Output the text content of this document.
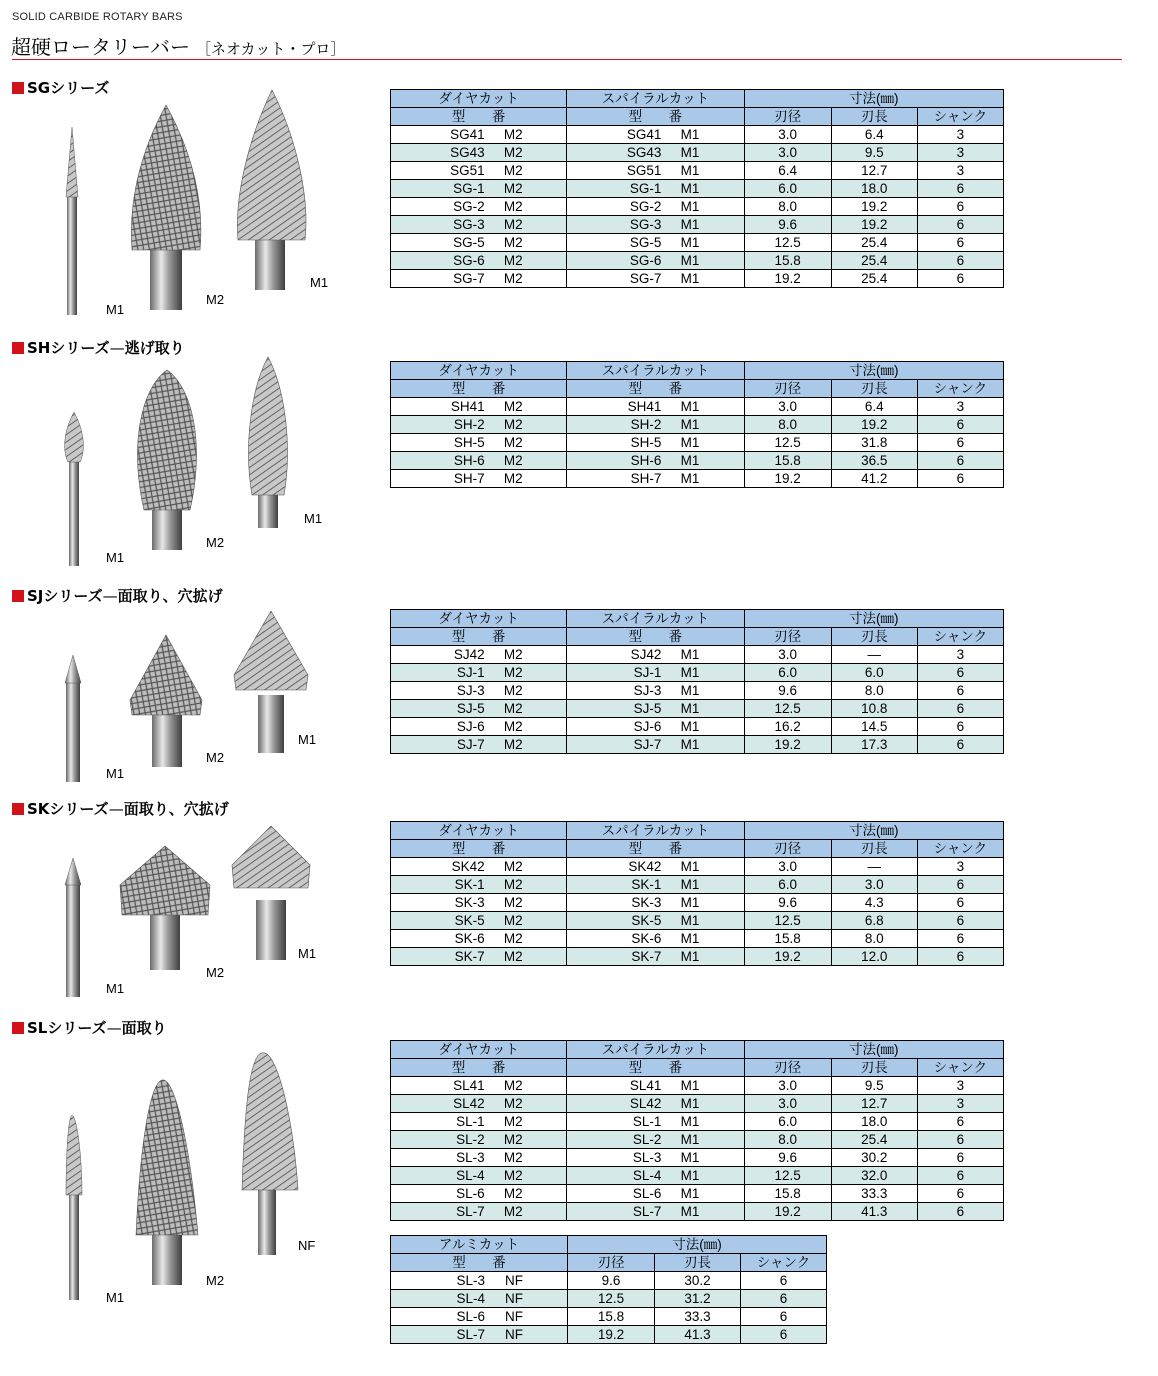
SOLID CARBIDE ROTARY BARS
超硬ロータリーバー ［ネオカット・プロ］
SGシリーズ
M1
M2
M1
ダイヤカット	スパイラルカット	寸法(㎜)		
型 番	型 番	刃径	刃長	シャンク
SG41 M2	SG41 M1	3.0	6.4	3
SG43 M2	SG43 M1	3.0	9.5	3
SG51 M2	SG51 M1	6.4	12.7	3
SG-1 M2	SG-1 M1	6.0	18.0	6
SG-2 M2	SG-2 M1	8.0	19.2	6
SG-3 M2	SG-3 M1	9.6	19.2	6
SG-5 M2	SG-5 M1	12.5	25.4	6
SG-6 M2	SG-6 M1	15.8	25.4	6
SG-7 M2	SG-7 M1	19.2	25.4	6
SHシリーズ—逃げ取り
M1
M2
M1
ダイヤカット	スパイラルカット	寸法(㎜)		
型 番	型 番	刃径	刃長	シャンク
SH41 M2	SH41 M1	3.0	6.4	3
SH-2 M2	SH-2 M1	8.0	19.2	6
SH-5 M2	SH-5 M1	12.5	31.8	6
SH-6 M2	SH-6 M1	15.8	36.5	6
SH-7 M2	SH-7 M1	19.2	41.2	6
SJシリーズ—面取り、穴拡げ
M1
M2
M1
ダイヤカット	スパイラルカット	寸法(㎜)		
型 番	型 番	刃径	刃長	シャンク
SJ42 M2	SJ42 M1	3.0	—	3
SJ-1 M2	SJ-1 M1	6.0	6.0	6
SJ-3 M2	SJ-3 M1	9.6	8.0	6
SJ-5 M2	SJ-5 M1	12.5	10.8	6
SJ-6 M2	SJ-6 M1	16.2	14.5	6
SJ-7 M2	SJ-7 M1	19.2	17.3	6
SKシリーズ—面取り、穴拡げ
M1
M2
M1
ダイヤカット	スパイラルカット	寸法(㎜)		
型 番	型 番	刃径	刃長	シャンク
SK42 M2	SK42 M1	3.0	—	3
SK-1 M2	SK-1 M1	6.0	3.0	6
SK-3 M2	SK-3 M1	9.6	4.3	6
SK-5 M2	SK-5 M1	12.5	6.8	6
SK-6 M2	SK-6 M1	15.8	8.0	6
SK-7 M2	SK-7 M1	19.2	12.0	6
SLシリーズ—面取り
M1
M2
NF
ダイヤカット	スパイラルカット	寸法(㎜)		
型 番	型 番	刃径	刃長	シャンク
SL41 M2	SL41 M1	3.0	9.5	3
SL42 M2	SL42 M1	3.0	12.7	3
SL-1 M2	SL-1 M1	6.0	18.0	6
SL-2 M2	SL-2 M1	8.0	25.4	6
SL-3 M2	SL-3 M1	9.6	30.2	6
SL-4 M2	SL-4 M1	12.5	32.0	6
SL-6 M2	SL-6 M1	15.8	33.3	6
SL-7 M2	SL-7 M1	19.2	41.3	6
アルミカット	寸法(㎜)		
型 番	刃径	刃長	シャンク
SL-3 NF	9.6	30.2	6
SL-4 NF	12.5	31.2	6
SL-6 NF	15.8	33.3	6
SL-7 NF	19.2	41.3	6
